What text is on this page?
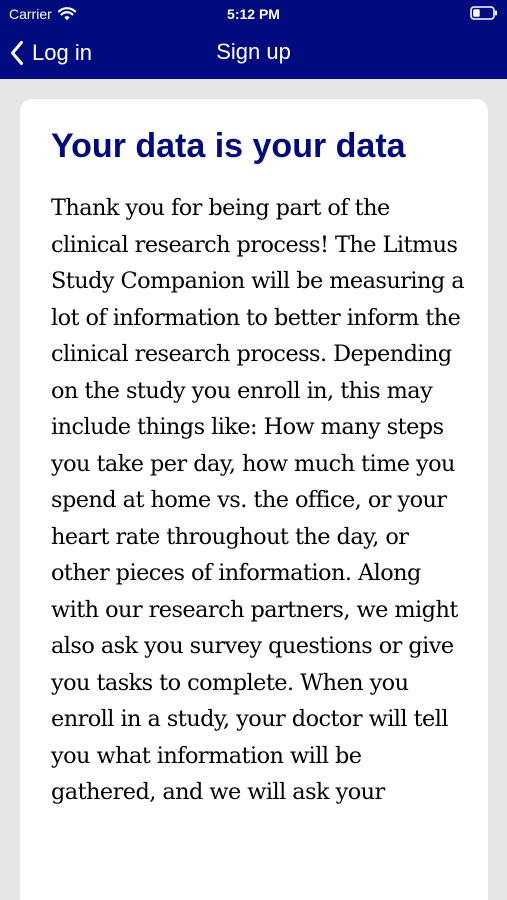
Carrier	5:12 PM
Log in	Sign up
Your data is your data

Thank you for being part of the clinical research process! The Litmus Study Companion will be measuring a lot of information to better inform the clinical research process. Depending on the study you enroll in, this may include things like: How many steps you take per day, how much time you spend at home vs. the office, or your heart rate throughout the day, or other pieces of information. Along with our research partners, we might also ask you survey questions or give you tasks to complete. When you enroll in a study, your doctor will tell you what information will be gathered, and we will ask your
